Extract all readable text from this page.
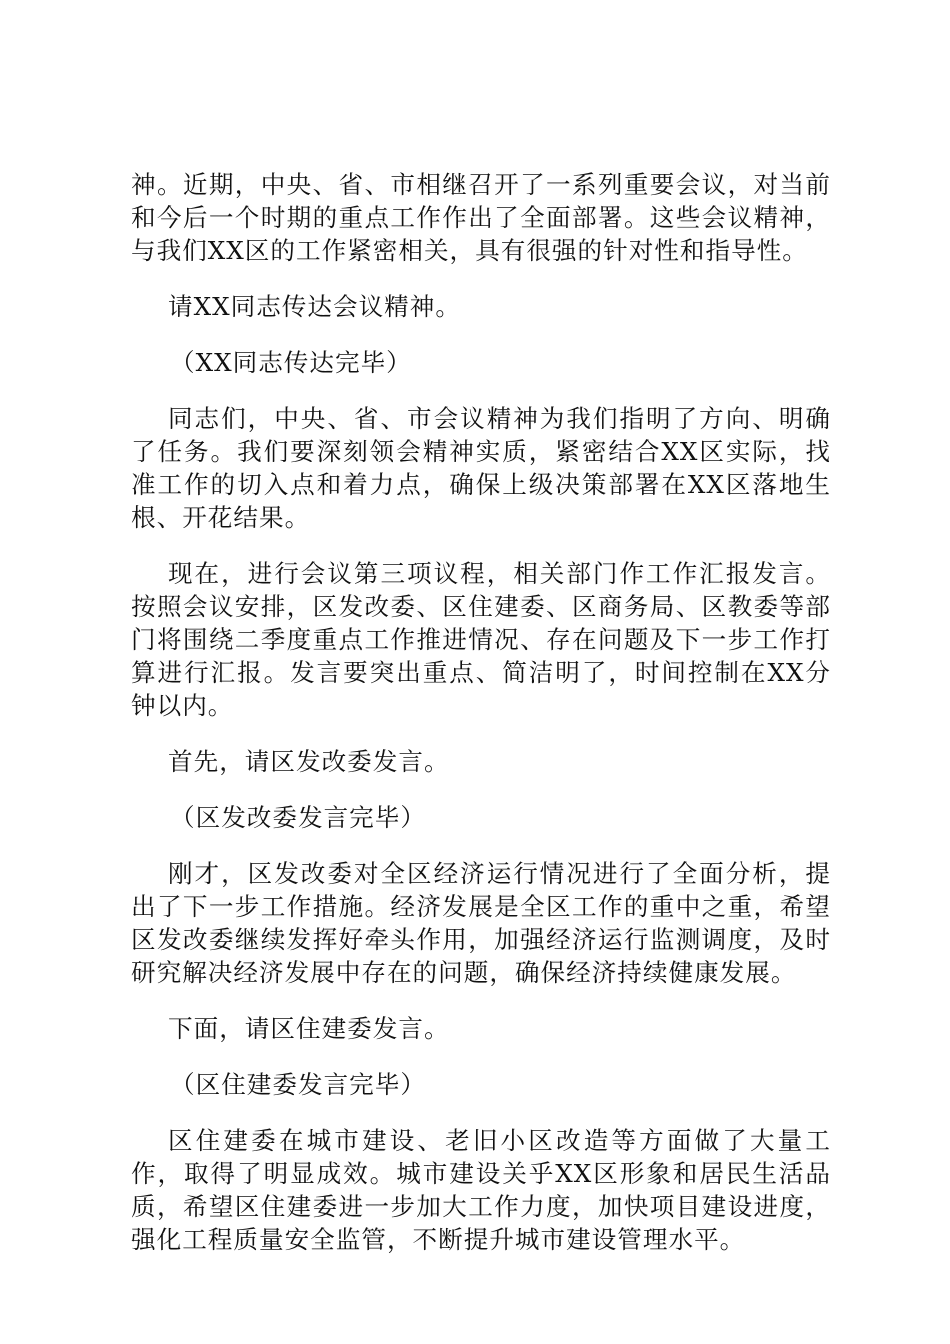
神。近期，中央、省、市相继召开了一系列重要会议，对当前和今后一个时期的重点工作作出了全面部署。这些会议精神，与我们XX区的工作紧密相关，具有很强的针对性和指导性。

请XX同志传达会议精神。

（XX同志传达完毕）

同志们，中央、省、市会议精神为我们指明了方向、明确了任务。我们要深刻领会精神实质，紧密结合XX区实际，找准工作的切入点和着力点，确保上级决策部署在XX区落地生根、开花结果。

现在，进行会议第三项议程，相关部门作工作汇报发言。按照会议安排，区发改委、区住建委、区商务局、区教委等部门将围绕二季度重点工作推进情况、存在问题及下一步工作打算进行汇报。发言要突出重点、简洁明了，时间控制在XX分钟以内。

首先，请区发改委发言。

（区发改委发言完毕）

刚才，区发改委对全区经济运行情况进行了全面分析，提出了下一步工作措施。经济发展是全区工作的重中之重，希望区发改委继续发挥好牵头作用，加强经济运行监测调度，及时研究解决经济发展中存在的问题，确保经济持续健康发展。

下面，请区住建委发言。

（区住建委发言完毕）

区住建委在城市建设、老旧小区改造等方面做了大量工作，取得了明显成效。城市建设关乎XX区形象和居民生活品质，希望区住建委进一步加大工作力度，加快项目建设进度，强化工程质量安全监管，不断提升城市建设管理水平。
